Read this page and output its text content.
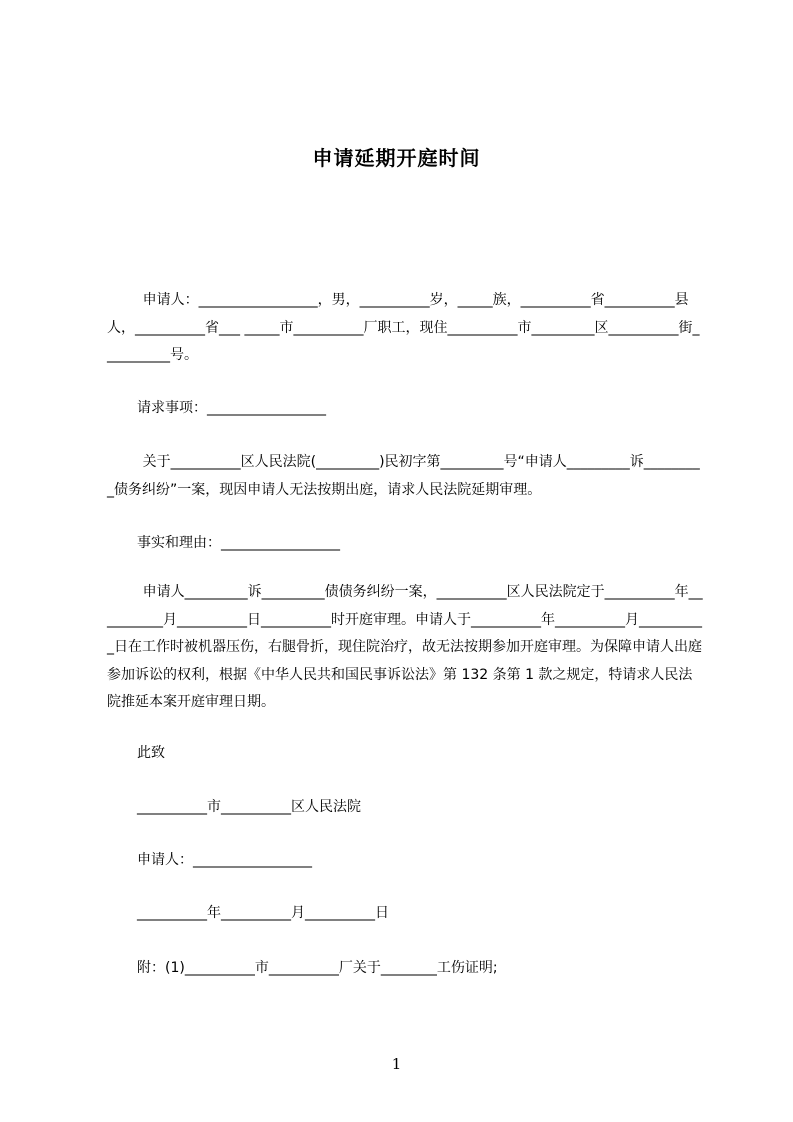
申请延期开庭时间
申请人：_________________，男，__________岁，_____族，__________省__________县人，__________省___ _____市__________厂职工，现住__________市_________区__________街__________号。
请求事项：_________________
关于__________区人民法院(_________)民初字第_________号“申请人_________诉_________债务纠纷”一案，现因申请人无法按期出庭，请求人民法院延期审理。
事实和理由：_________________
申请人_________诉_________债债务纠纷一案，__________区人民法院定于__________年__________月__________日__________时开庭审理。申请人于__________年__________月__________日在工作时被机器压伤，右腿骨折，现住院治疗，故无法按期参加开庭审理。为保障申请人出庭参加诉讼的权利，根据《中华人民共和国民事诉讼法》第 132 条第 1 款之规定，特请求人民法院推延本案开庭审理日期。
此致
__________市__________区人民法院
申请人：_________________
__________年__________月__________日
附：(1)__________市__________厂关于________工伤证明;
1
